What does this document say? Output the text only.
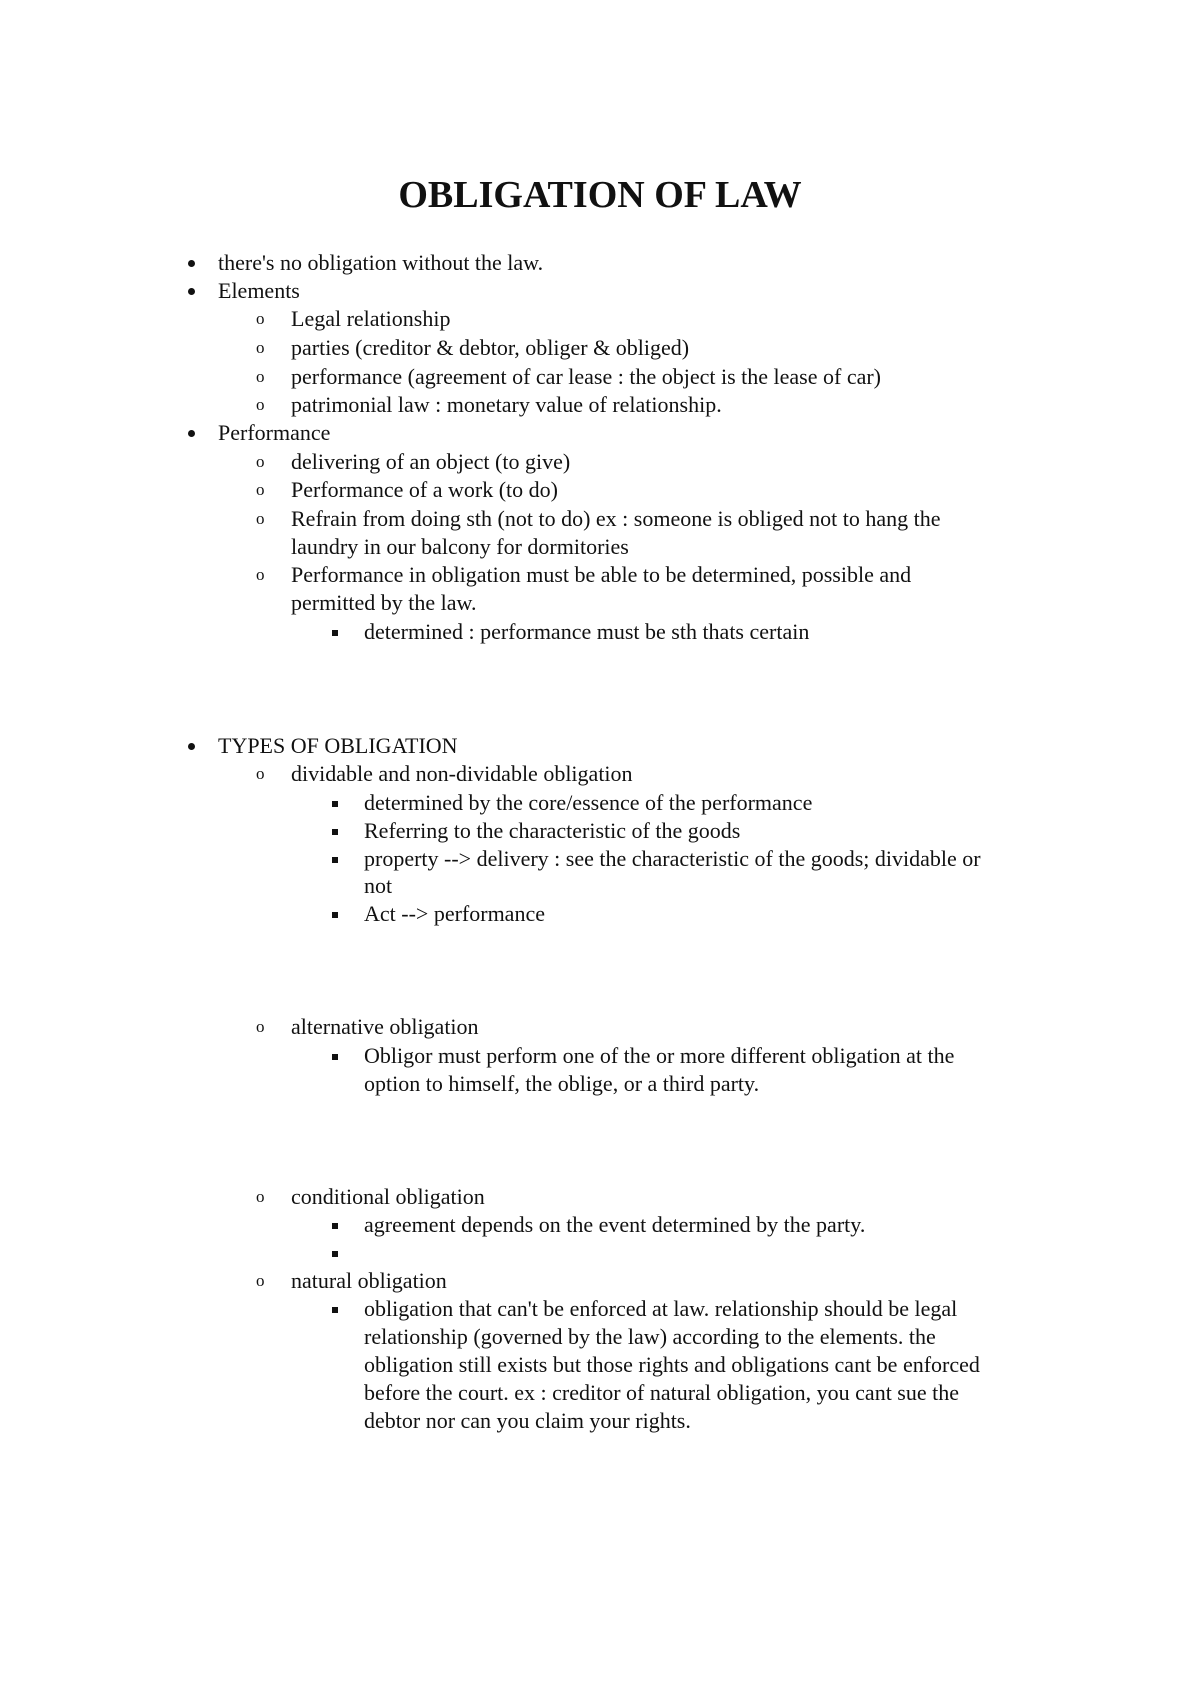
OBLIGATION OF LAW
there's no obligation without the law.
Elements
o Legal relationship
o parties (creditor & debtor, obliger & obliged)
o performance (agreement of car lease : the object is the lease of car)
o patrimonial law : monetary value of relationship.
Performance
o delivering of an object (to give)
o Performance of a work (to do)
o Refrain from doing sth (not to do) ex : someone is obliged not to hang the
laundry in our balcony for dormitories
o Performance in obligation must be able to be determined, possible and
permitted by the law.
determined : performance must be sth thats certain
TYPES OF OBLIGATION
o dividable and non-dividable obligation
determined by the core/essence of the performance
Referring to the characteristic of the goods
property --> delivery : see the characteristic of the goods; dividable or
not
Act --> performance
o alternative obligation
Obligor must perform one of the or more different obligation at the
option to himself, the oblige, or a third party.
o conditional obligation
agreement depends on the event determined by the party.
o natural obligation
obligation that can't be enforced at law. relationship should be legal
relationship (governed by the law) according to the elements. the
obligation still exists but those rights and obligations cant be enforced
before the court. ex : creditor of natural obligation, you cant sue the
debtor nor can you claim your rights.
